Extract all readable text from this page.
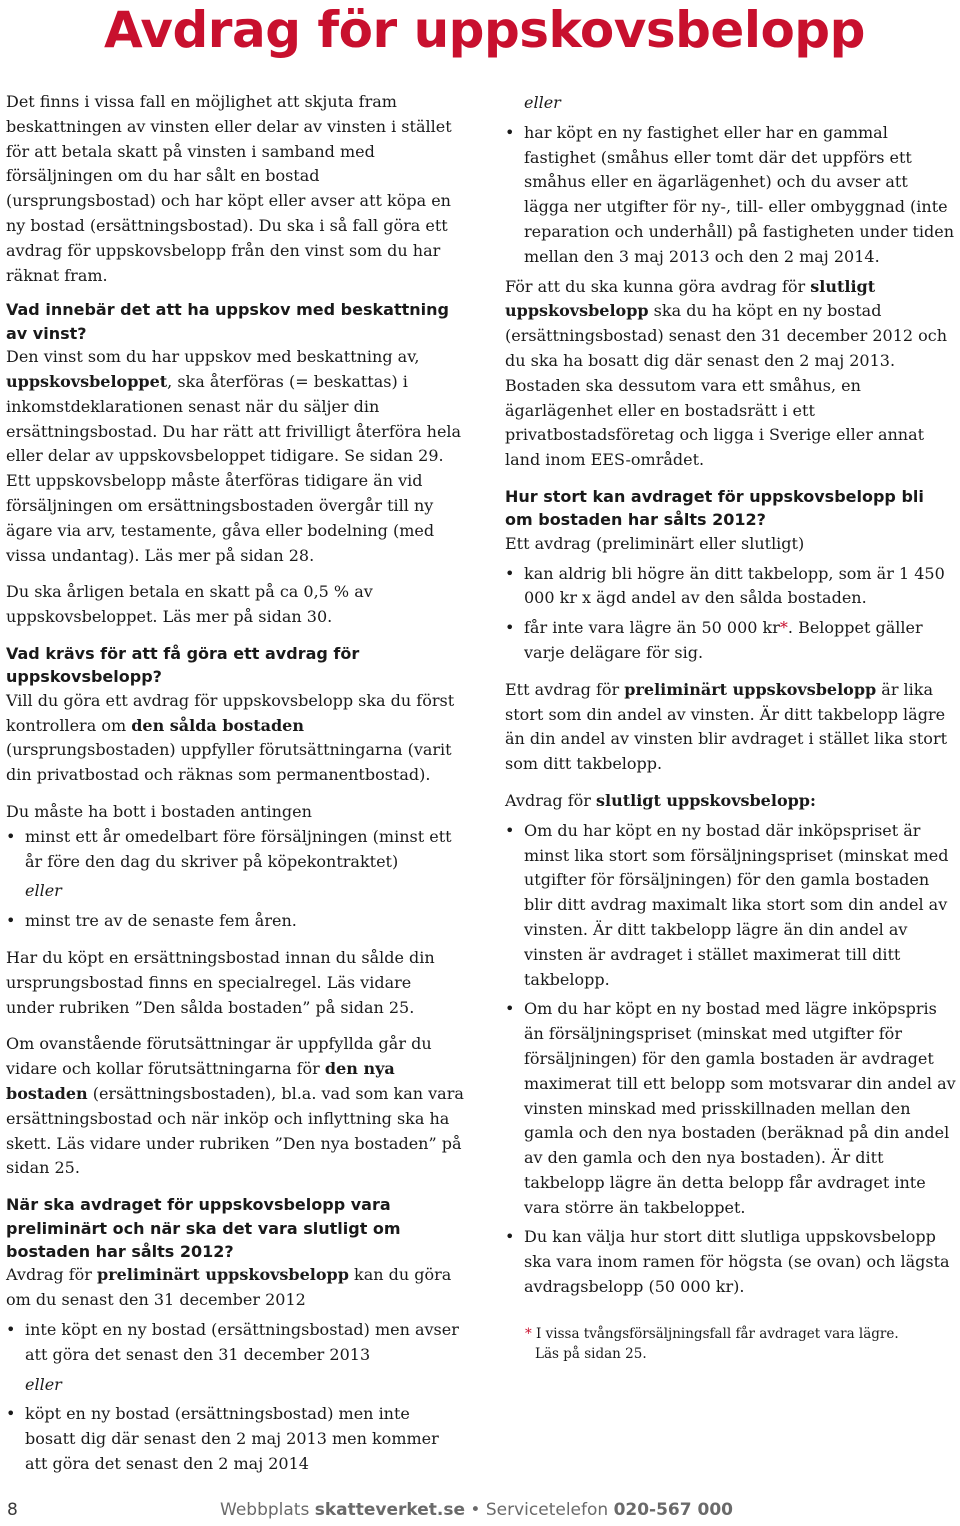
Avdrag för uppskovsbelopp

Det finns i vissa fall en möjlighet att skjuta fram beskattningen av vinsten eller delar av vinsten i stället för att betala skatt på vinsten i samband med försäljningen om du har sålt en bostad (ursprungsbostad) och har köpt eller avser att köpa en ny bostad (ersättningsbostad). Du ska i så fall göra ett avdrag för uppskovsbelopp från den vinst som du har räknat fram.

Vad innebär det att ha uppskov med beskattning av vinst?

Den vinst som du har uppskov med beskattning av, uppskovsbeloppet, ska återföras (= beskattas) i inkomstdeklarationen senast när du säljer din ersättningsbostad. Du har rätt att frivilligt återföra hela eller delar av uppskovsbeloppet tidigare. Se sidan 29. Ett uppskovsbelopp måste återföras tidigare än vid försäljningen om ersättningsbostaden övergår till ny ägare via arv, testamente, gåva eller bodelning (med vissa undantag). Läs mer på sidan 28.

Du ska årligen betala en skatt på ca 0,5 % av uppskovsbeloppet. Läs mer på sidan 30.

Vad krävs för att få göra ett avdrag för uppskovsbelopp?

Vill du göra ett avdrag för uppskovsbelopp ska du först kontrollera om den sålda bostaden (ursprungsbostaden) uppfyller förutsättningarna (varit din privatbostad och räknas som permanentbostad).

Du måste ha bott i bostaden antingen

• minst ett år omedelbart före försäljningen (minst ett år före den dag du skriver på köpekontraktet)
eller
• minst tre av de senaste fem åren.

Har du köpt en ersättningsbostad innan du sålde din ursprungsbostad finns en specialregel. Läs vidare under rubriken ”Den sålda bostaden” på sidan 25.

Om ovanstående förutsättningar är uppfyllda går du vidare och kollar förutsättningarna för den nya bostaden (ersättningsbostaden), bl.a. vad som kan vara ersättningsbostad och när inköp och inflyttning ska ha skett. Läs vidare under rubriken ”Den nya bostaden” på sidan 25.

När ska avdraget för uppskovsbelopp vara preliminärt och när ska det vara slutligt om bostaden har sålts 2012?

Avdrag för preliminärt uppskovsbelopp kan du göra om du senast den 31 december 2012

• inte köpt en ny bostad (ersättningsbostad) men avser att göra det senast den 31 december 2013
eller
• köpt en ny bostad (ersättningsbostad) men inte bosatt dig där senast den 2 maj 2013 men kommer att göra det senast den 2 maj 2014
eller
• har köpt en ny fastighet eller har en gammal fastighet (småhus eller tomt där det uppförs ett småhus eller en ägarlägenhet) och du avser att lägga ner utgifter för ny-, till- eller ombyggnad (inte reparation och underhåll) på fastigheten under tiden mellan den 3 maj 2013 och den 2 maj 2014.

För att du ska kunna göra avdrag för slutligt uppskovsbelopp ska du ha köpt en ny bostad (ersättningsbostad) senast den 31 december 2012 och du ska ha bosatt dig där senast den 2 maj 2013. Bostaden ska dessutom vara ett småhus, en ägarlägenhet eller en bostadsrätt i ett privatbostadsföretag och ligga i Sverige eller annat land inom EES-området.

Hur stort kan avdraget för uppskovsbelopp bli om bostaden har sålts 2012?

Ett avdrag (preliminärt eller slutligt)

• kan aldrig bli högre än ditt takbelopp, som är 1 450 000 kr x ägd andel av den sålda bostaden.
• får inte vara lägre än 50 000 kr*. Beloppet gäller varje delägare för sig.

Ett avdrag för preliminärt uppskovsbelopp är lika stort som din andel av vinsten. Är ditt takbelopp lägre än din andel av vinsten blir avdraget i stället lika stort som ditt takbelopp.

Avdrag för slutligt uppskovsbelopp:

• Om du har köpt en ny bostad där inköpspriset är minst lika stort som försäljningspriset (minskat med utgifter för försäljningen) för den gamla bostaden blir ditt avdrag maximalt lika stort som din andel av vinsten. Är ditt takbelopp lägre än din andel av vinsten är avdraget i stället maximerat till ditt takbelopp.
• Om du har köpt en ny bostad med lägre inköpspris än försäljningspriset (minskat med utgifter för försäljningen) för den gamla bostaden är avdraget maximerat till ett belopp som motsvarar din andel av vinsten minskad med prisskillnaden mellan den gamla och den nya bostaden (beräknad på din andel av den gamla och den nya bostaden). Är ditt takbelopp lägre än detta belopp får avdraget inte vara större än takbeloppet.
• Du kan välja hur stort ditt slutliga uppskovsbelopp ska vara inom ramen för högsta (se ovan) och lägsta avdragsbelopp (50 000 kr).
* I vissa tvångsförsäljningsfall får avdraget vara lägre.
Läs på sidan 25.
8	Webbplats skatteverket.se • Servicetelefon 020-567 000
